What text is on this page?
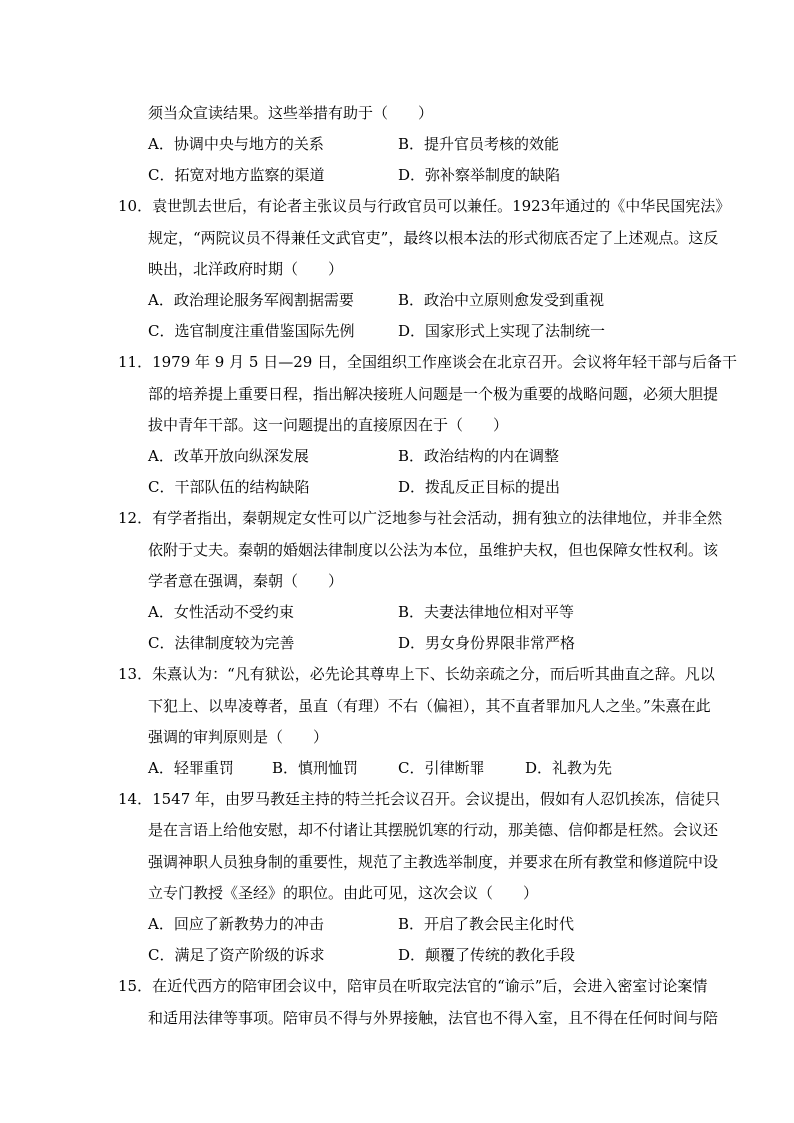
须当众宣读结果。这些举措有助于（　　）
A．协调中央与地方的关系	B．提升官员考核的效能
C．拓宽对地方监察的渠道	D．弥补察举制度的缺陷
10．袁世凯去世后，有论者主张议员与行政官员可以兼任。1923年通过的《中华民国宪法》
规定，“两院议员不得兼任文武官吏”，最终以根本法的形式彻底否定了上述观点。这反
映出，北洋政府时期（　　）
A．政治理论服务军阀割据需要	B．政治中立原则愈发受到重视
C．选官制度注重借鉴国际先例	D．国家形式上实现了法制统一
11．1979 年 9 月 5 日—29 日，全国组织工作座谈会在北京召开。会议将年轻干部与后备干
部的培养提上重要日程，指出解决接班人问题是一个极为重要的战略问题，必须大胆提
拔中青年干部。这一问题提出的直接原因在于（　　）
A．改革开放向纵深发展	B．政治结构的内在调整
C．干部队伍的结构缺陷	D．拨乱反正目标的提出
12．有学者指出，秦朝规定女性可以广泛地参与社会活动，拥有独立的法律地位，并非全然
依附于丈夫。秦朝的婚姻法律制度以公法为本位，虽维护夫权，但也保障女性权利。该
学者意在强调，秦朝（　　）
A．女性活动不受约束	B．夫妻法律地位相对平等
C．法律制度较为完善	D．男女身份界限非常严格
13．朱熹认为：“凡有狱讼，必先论其尊卑上下、长幼亲疏之分，而后听其曲直之辞。凡以
下犯上、以卑凌尊者，虽直（有理）不右（偏袒），其不直者罪加凡人之坐。”朱熹在此
强调的审判原则是（　　）
A．轻罪重罚	B．慎刑恤罚	C．引律断罪	D．礼教为先
14．1547 年，由罗马教廷主持的特兰托会议召开。会议提出，假如有人忍饥挨冻，信徒只
是在言语上给他安慰，却不付诸让其摆脱饥寒的行动，那美德、信仰都是枉然。会议还
强调神职人员独身制的重要性，规范了主教选举制度，并要求在所有教堂和修道院中设
立专门教授《圣经》的职位。由此可见，这次会议（　　）
A．回应了新教势力的冲击	B．开启了教会民主化时代
C．满足了资产阶级的诉求	D．颠覆了传统的教化手段
15．在近代西方的陪审团会议中，陪审员在听取完法官的“谕示”后，会进入密室讨论案情
和适用法律等事项。陪审员不得与外界接触，法官也不得入室，且不得在任何时间与陪
